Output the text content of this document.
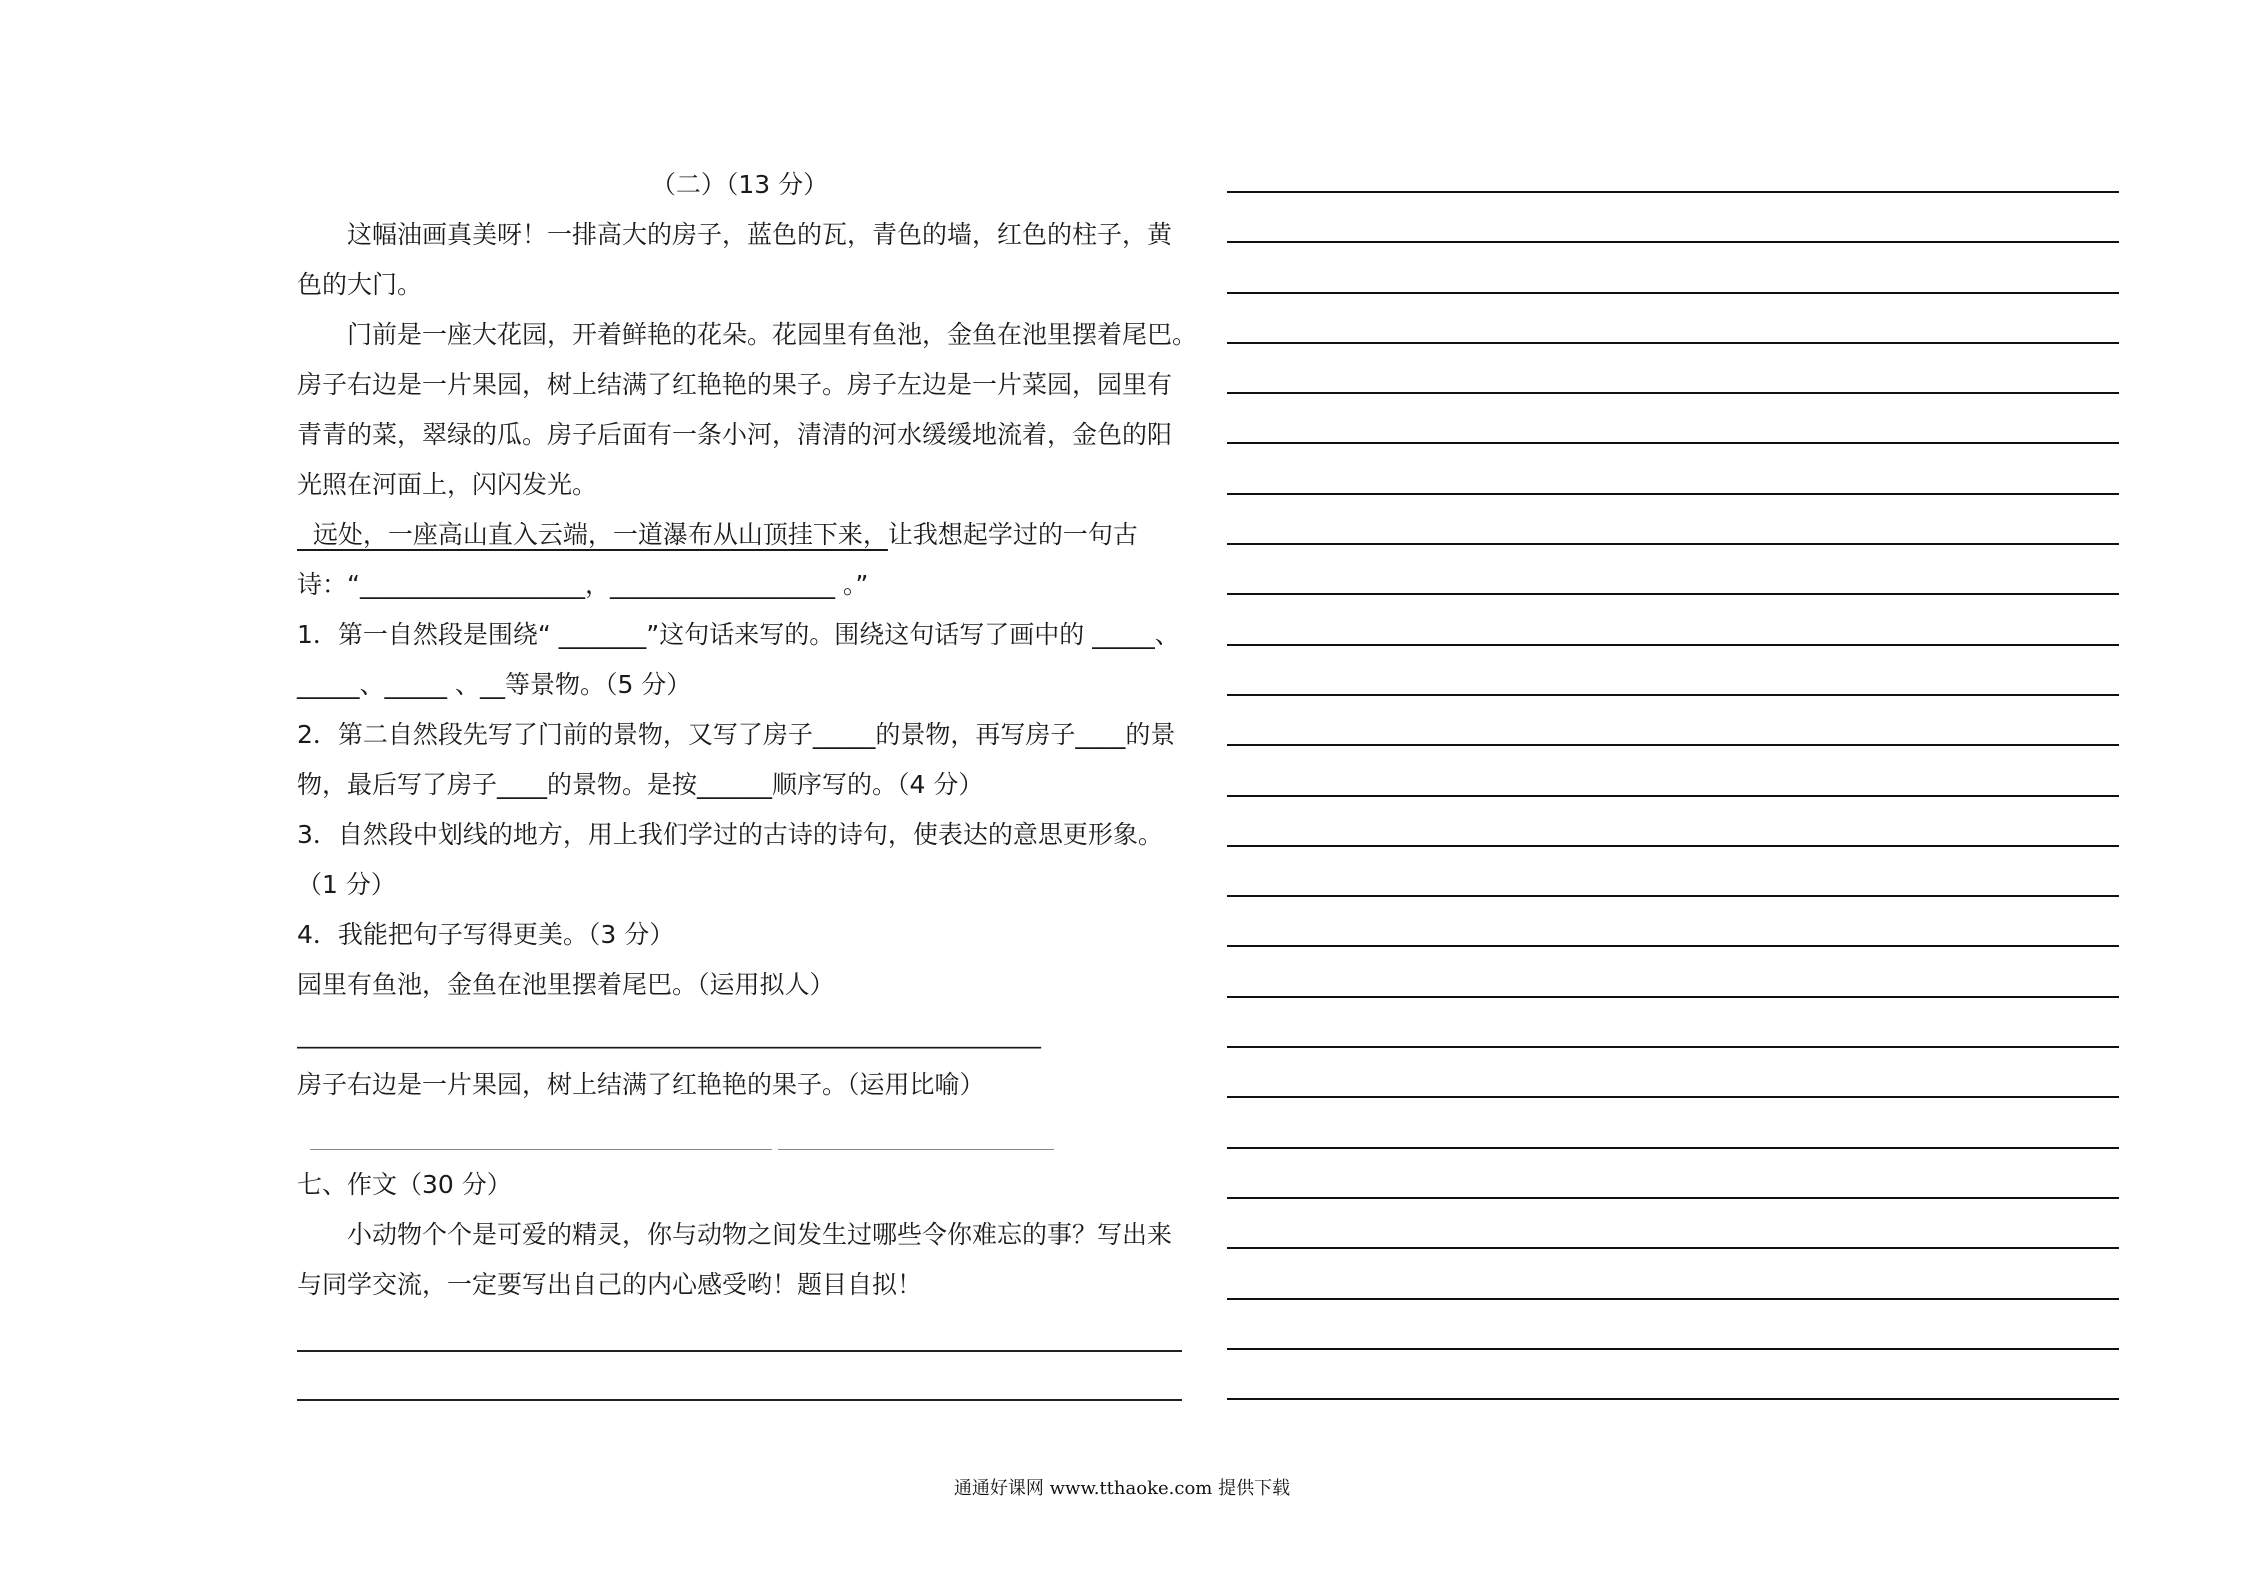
（二）（13 分）
这幅油画真美呀！一排高大的房子，蓝色的瓦，青色的墙，红色的柱子，黄
色的大门。
门前是一座大花园，开着鲜艳的花朵。花园里有鱼池，金鱼在池里摆着尾巴。
房子右边是一片果园，树上结满了红艳艳的果子。房子左边是一片菜园，园里有
青青的菜，翠绿的瓜。房子后面有一条小河，清清的河水缓缓地流着，金色的阳
光照在河面上，闪闪发光。
远处，一座高山直入云端，一道瀑布从山顶挂下来，让我想起学过的一句古
诗：“__________________，__________________ 。”
1．第一自然段是围绕“ _______”这句话来写的。围绕这句话写了画中的 _____、
_____、_____ 、__等景物。（5 分）
2．第二自然段先写了门前的景物，又写了房子_____的景物，再写房子____的景
物，最后写了房子____的景物。是按______顺序写的。（4 分）
3．自然段中划线的地方，用上我们学过的古诗的诗句，使表达的意思更形象。
（1 分）
4．我能把句子写得更美。（3 分）
园里有鱼池，金鱼在池里摆着尾巴。（运用拟人）
______________________________________________________________
房子右边是一片果园，树上结满了红艳艳的果子。（运用比喻）
七、作文（30 分）
小动物个个是可爱的精灵，你与动物之间发生过哪些令你难忘的事？写出来
与同学交流，一定要写出自己的内心感受哟！题目自拟！
通通好课网 www.tthaoke.com 提供下载
